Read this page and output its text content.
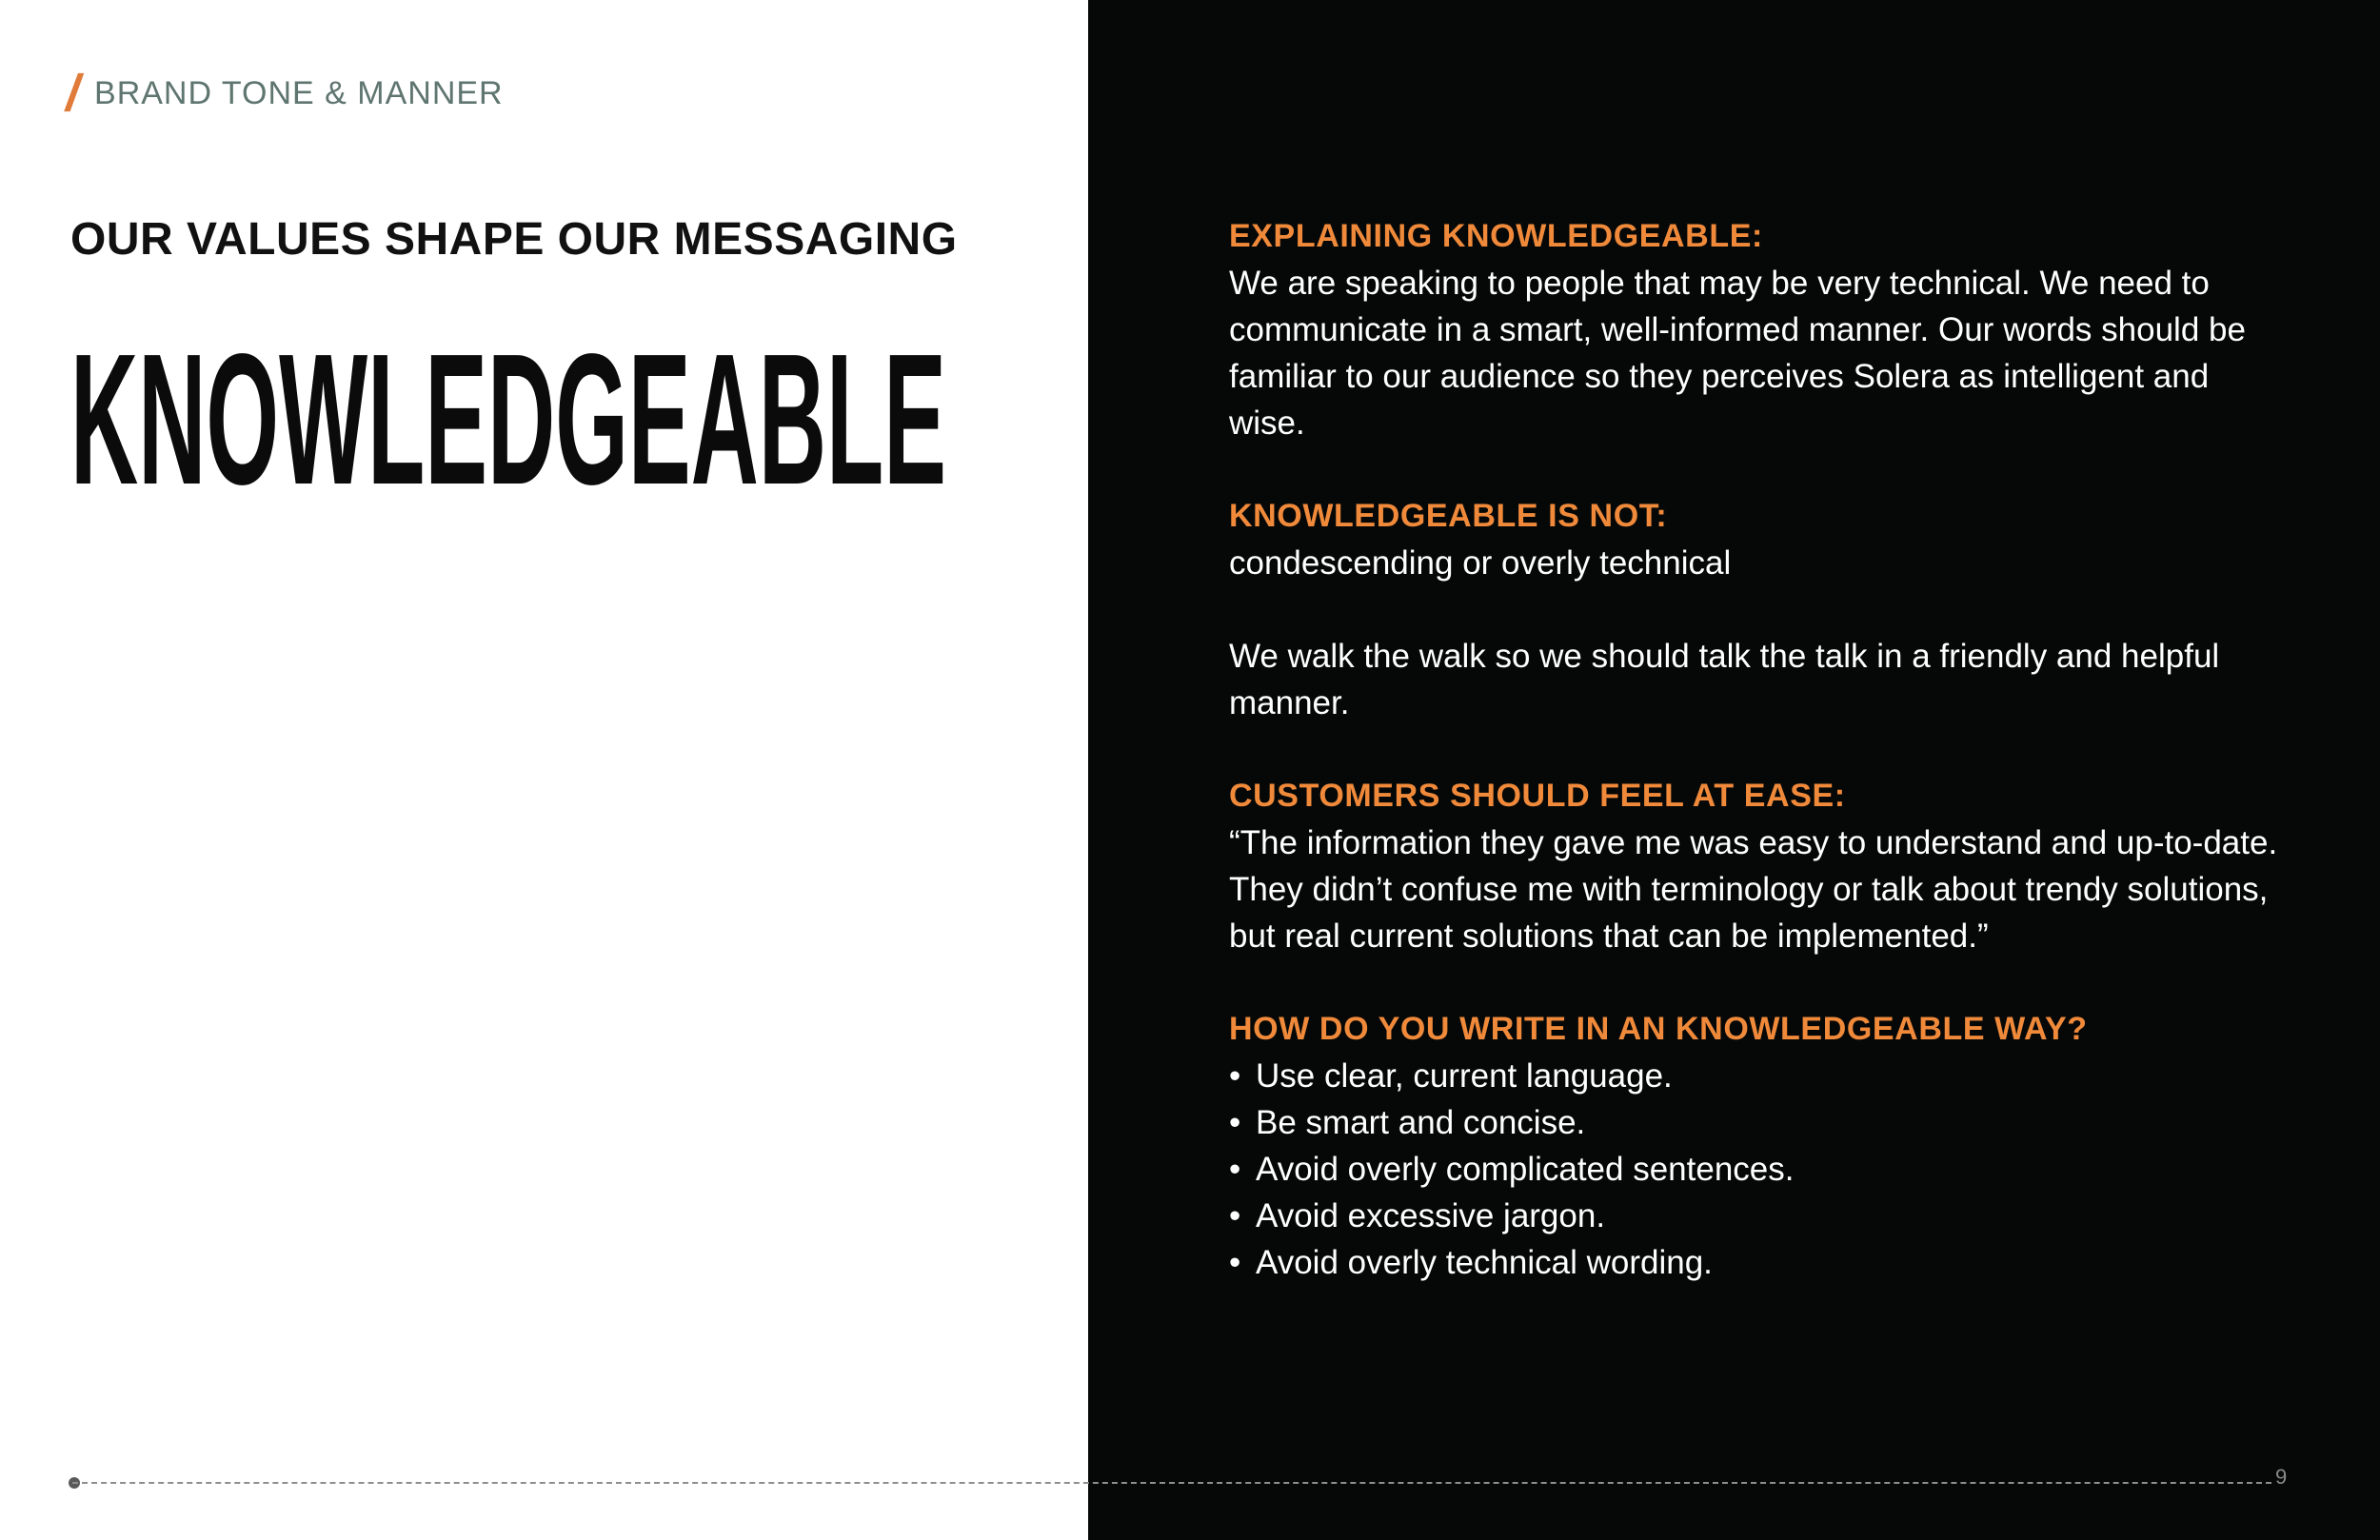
/ BRAND TONE & MANNER
OUR VALUES SHAPE OUR MESSAGING
KNOWLEDGEABLE
EXPLAINING KNOWLEDGEABLE:

We are speaking to people that may be very technical. We need to communicate in a smart, well-informed manner. Our words should be familiar to our audience so they perceives Solera as intelligent and wise.

KNOWLEDGEABLE IS NOT:

condescending or overly technical

We walk the walk so we should talk the talk in a friendly and helpful manner.

CUSTOMERS SHOULD FEEL AT EASE:

“The information they gave me was easy to understand and up-to-date. They didn’t confuse me with terminology or talk about trendy solutions, but real current solutions that can be implemented.”

HOW DO YOU WRITE IN AN KNOWLEDGEABLE WAY?
• Use clear, current language.
• Be smart and concise.
• Avoid overly complicated sentences.
• Avoid excessive jargon.
• Avoid overly technical wording.
9
